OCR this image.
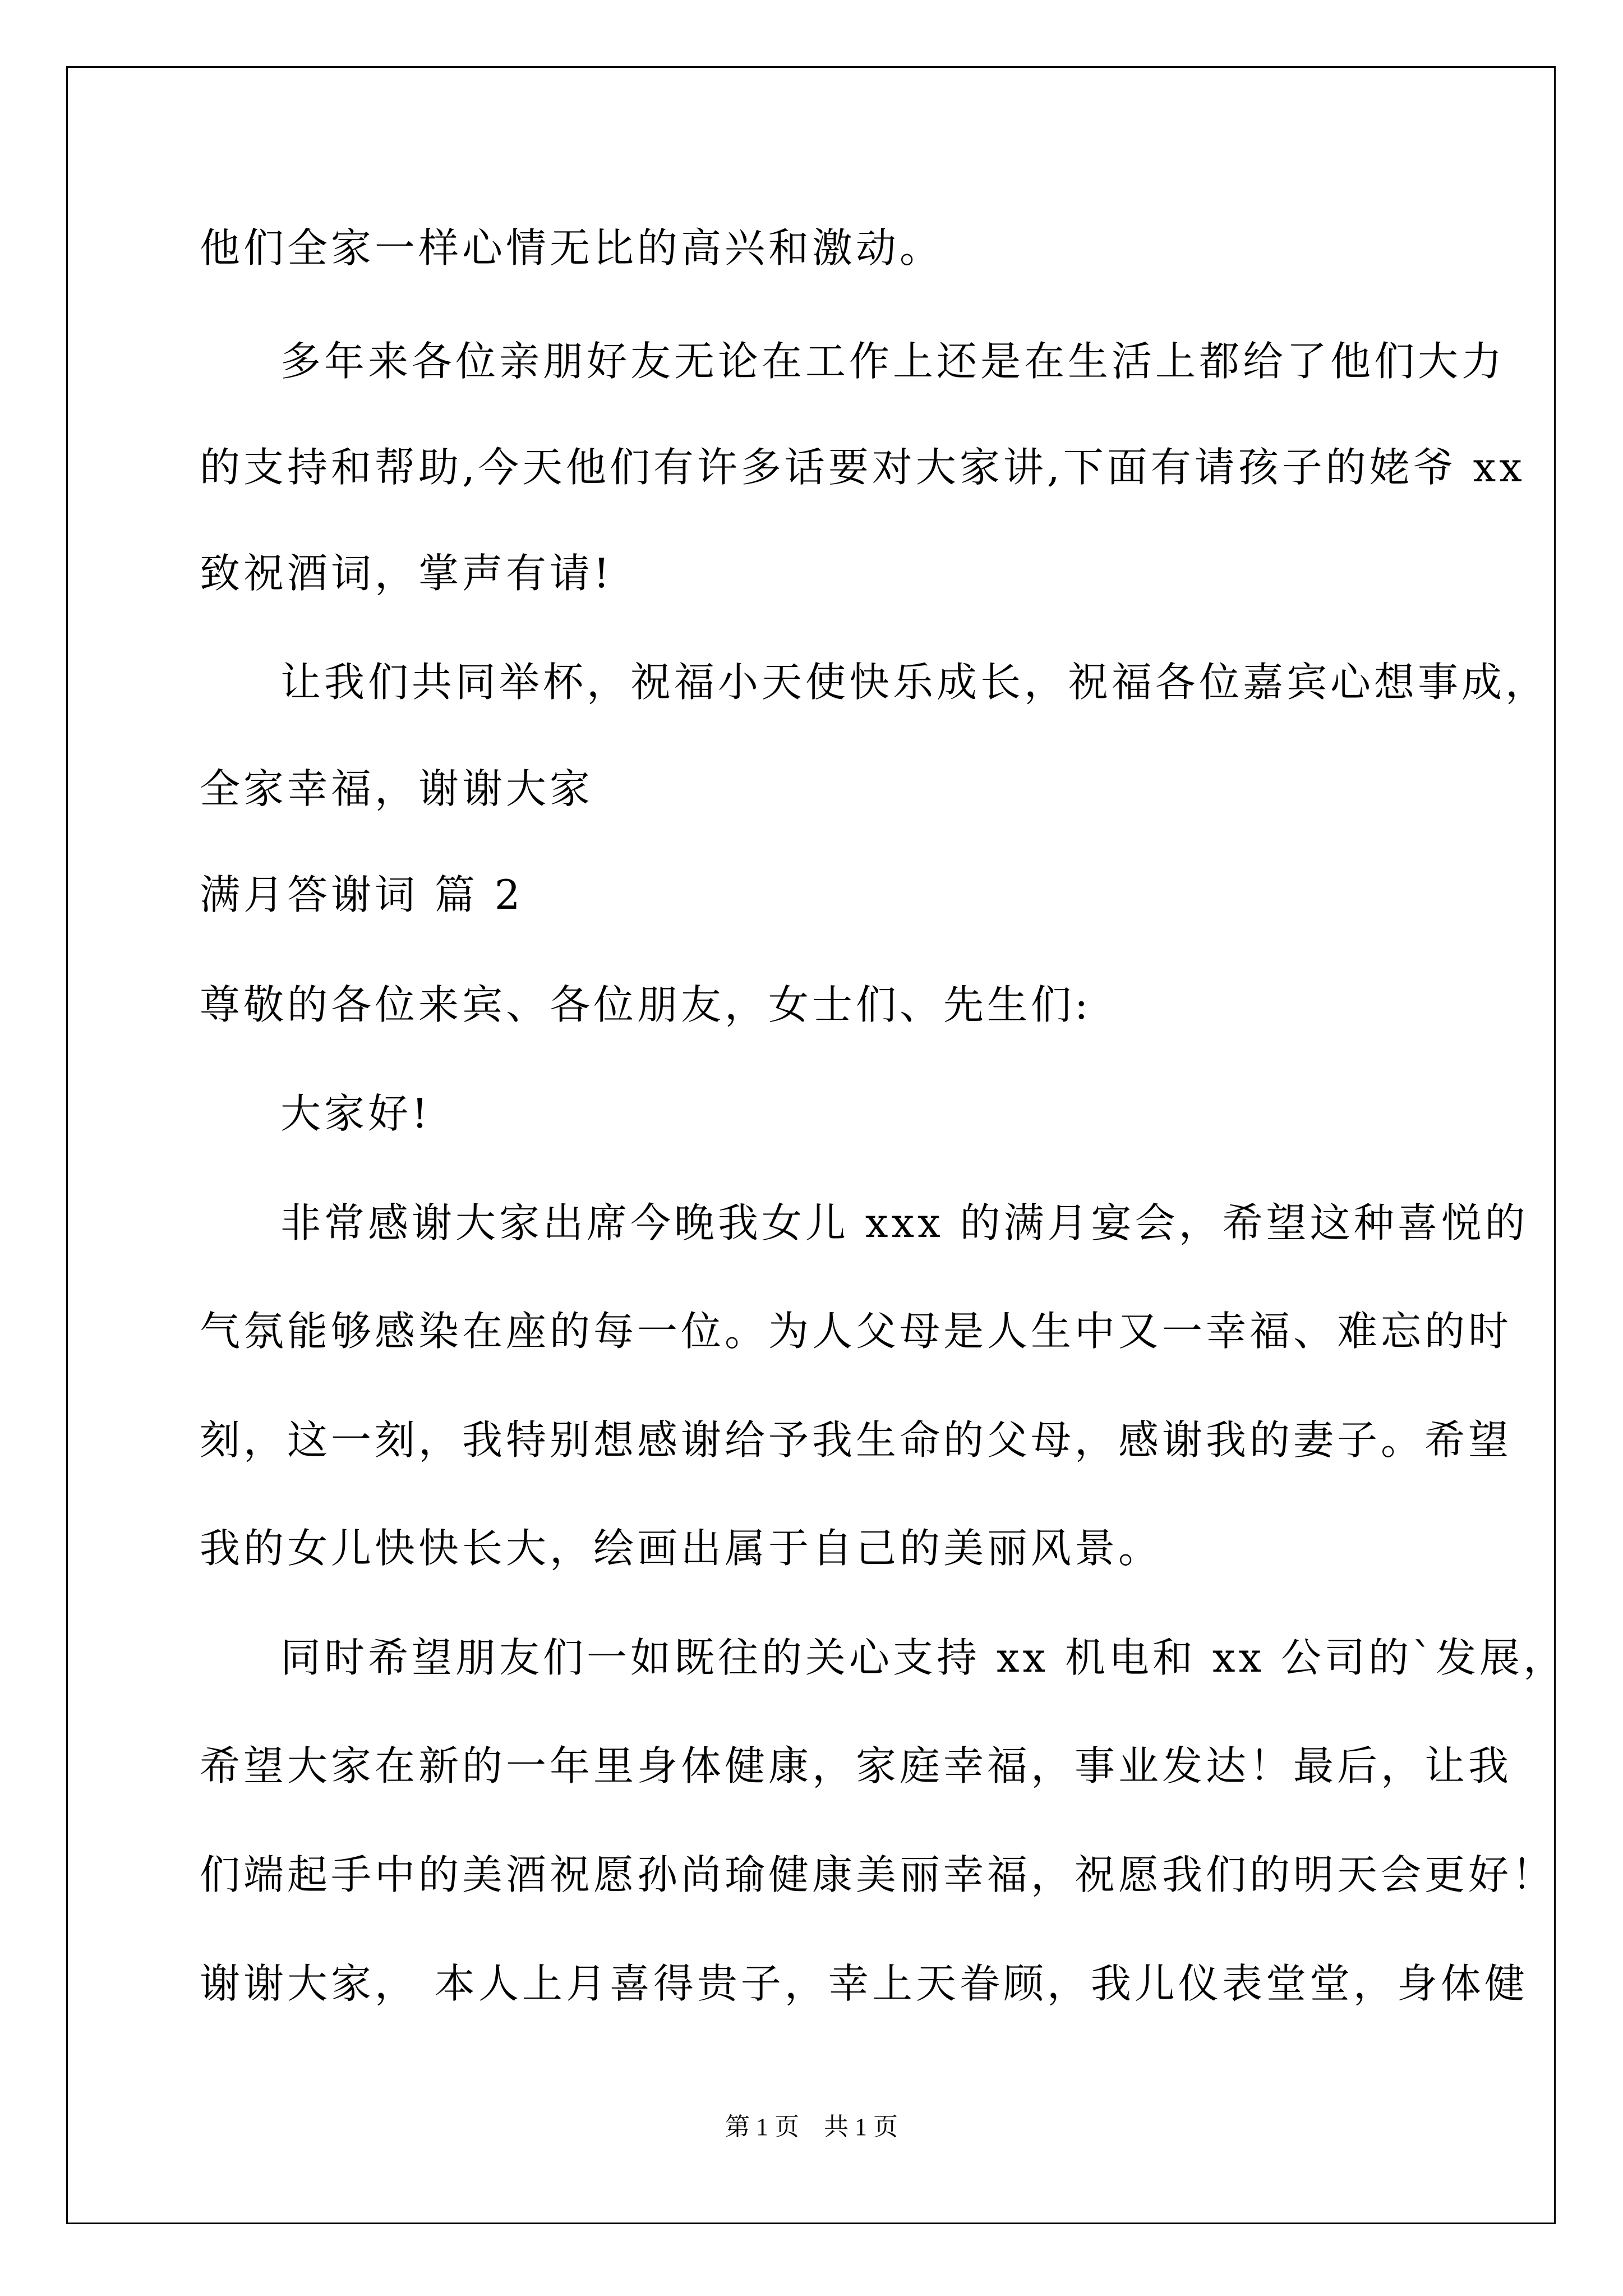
他们全家一样心情无比的高兴和激动。
多年来各位亲朋好友无论在工作上还是在生活上都给了他们大力
的支持和帮助,今天他们有许多话要对大家讲,下面有请孩子的姥爷 xx
致祝酒词，掌声有请!
让我们共同举杯，祝福小天使快乐成长，祝福各位嘉宾心想事成，
全家幸福，谢谢大家
满月答谢词 篇 2
尊敬的各位来宾、各位朋友，女士们、先生们:
大家好!
非常感谢大家出席今晚我女儿 xxx 的满月宴会，希望这种喜悦的
气氛能够感染在座的每一位。为人父母是人生中又一幸福、难忘的时
刻，这一刻，我特别想感谢给予我生命的父母，感谢我的妻子。希望
我的女儿快快长大，绘画出属于自己的美丽风景。
同时希望朋友们一如既往的关心支持 xx 机电和 xx 公司的`发展，
希望大家在新的一年里身体健康，家庭幸福，事业发达！最后，让我
们端起手中的美酒祝愿孙尚瑜健康美丽幸福，祝愿我们的明天会更好！
谢谢大家， 本人上月喜得贵子，幸上天眷顾，我儿仪表堂堂，身体健
第 1 页　共 1 页
